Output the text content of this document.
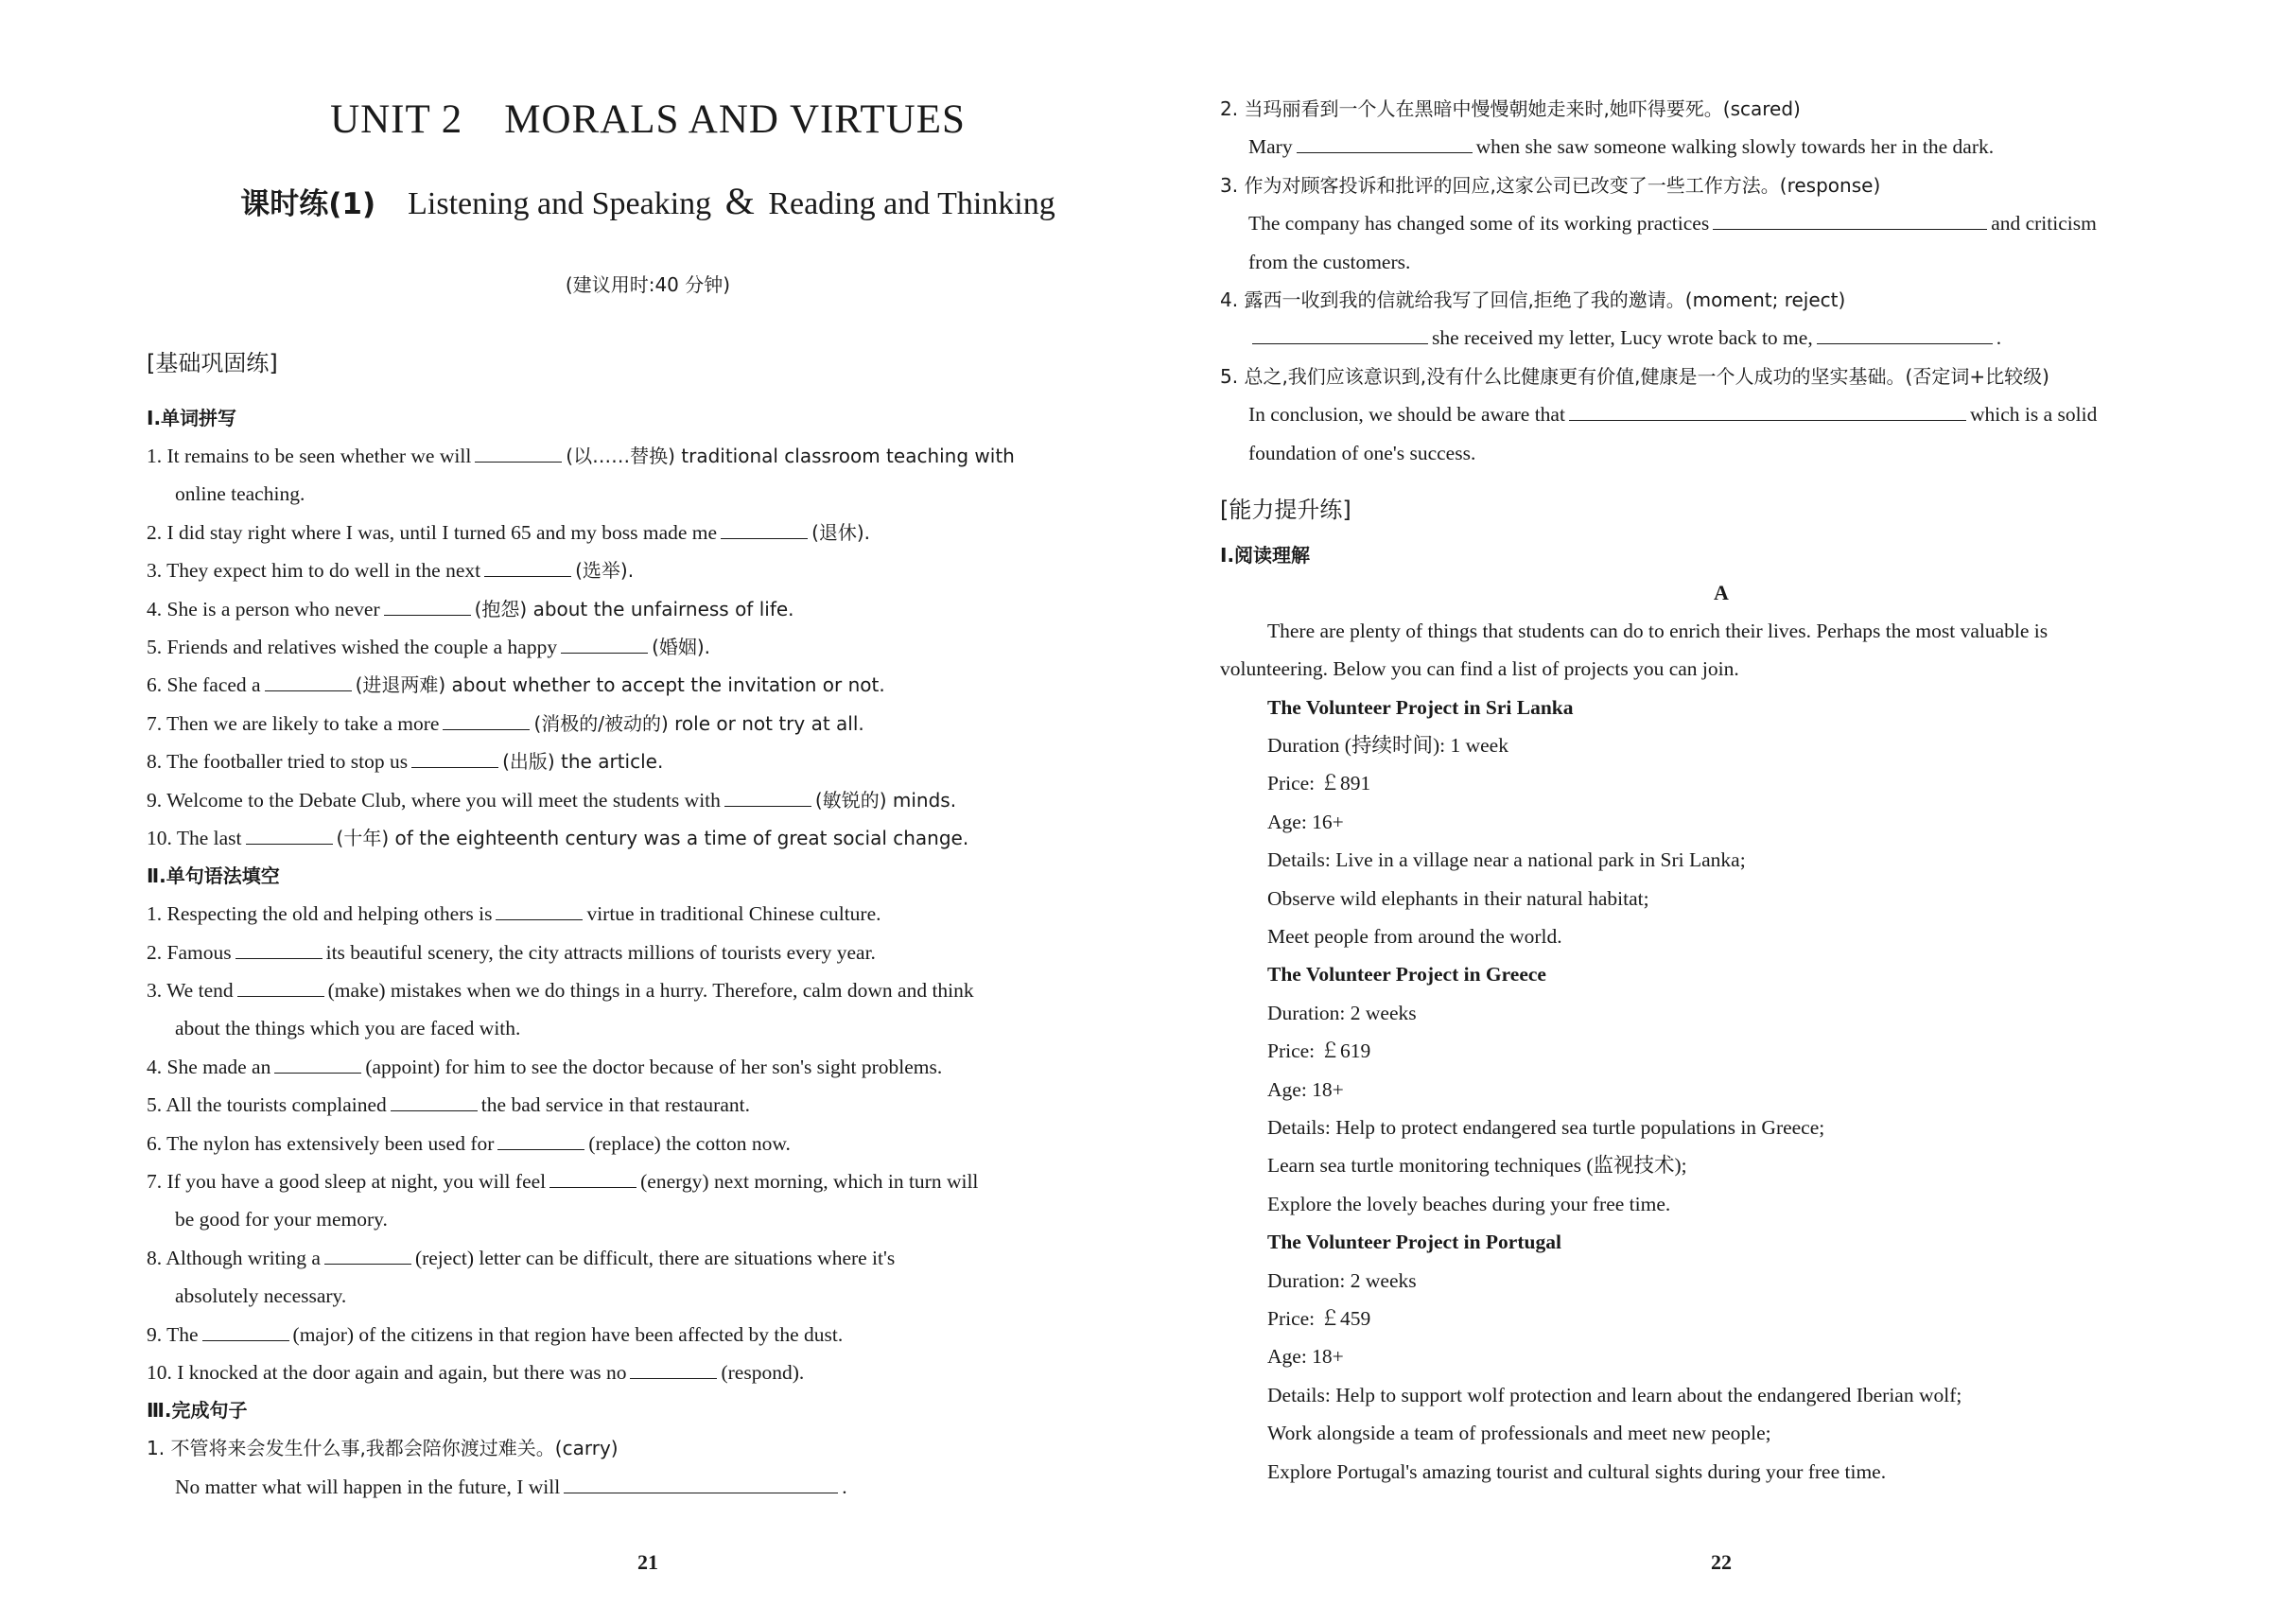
UNIT 2　MORALS AND VIRTUES
课时练(1) Listening and Speaking & Reading and Thinking
(建议用时:40 分钟)
[基础巩固练]
Ⅰ.单词拼写
1. It remains to be seen whether we will	(以……替换) traditional classroom teaching with
online teaching.
2. I did stay right where I was, until I turned 65 and my boss made me	(退休).
3. They expect him to do well in the next	(选举).
4. She is a person who never	(抱怨) about the unfairness of life.
5. Friends and relatives wished the couple a happy	(婚姻).
6. She faced a	(进退两难) about whether to accept the invitation or not.
7. Then we are likely to take a more	(消极的/被动的) role or not try at all.
8. The footballer tried to stop us	(出版) the article.
9. Welcome to the Debate Club, where you will meet the students with	(敏锐的) minds.
10. The last	(十年) of the eighteenth century was a time of great social change.
Ⅱ.单句语法填空
1. Respecting the old and helping others is	virtue in traditional Chinese culture.
2. Famous	its beautiful scenery, the city attracts millions of tourists every year.
3. We tend	(make) mistakes when we do things in a hurry. Therefore, calm down and think
about the things which you are faced with.
4. She made an	(appoint) for him to see the doctor because of her son's sight problems.
5. All the tourists complained	the bad service in that restaurant.
6. The nylon has extensively been used for	(replace) the cotton now.
7. If you have a good sleep at night, you will feel	(energy) next morning, which in turn will
be good for your memory.
8. Although writing a	(reject) letter can be difficult, there are situations where it's
absolutely necessary.
9. The	(major) of the citizens in that region have been affected by the dust.
10. I knocked at the door again and again, but there was no	(respond).
Ⅲ.完成句子
1. 不管将来会发生什么事,我都会陪你渡过难关。(carry)
No matter what will happen in the future, I will	.
21
2. 当玛丽看到一个人在黑暗中慢慢朝她走来时,她吓得要死。(scared)
Mary	when she saw someone walking slowly towards her in the dark.
3. 作为对顾客投诉和批评的回应,这家公司已改变了一些工作方法。(response)
The company has changed some of its working practices	and criticism
from the customers.
4. 露西一收到我的信就给我写了回信,拒绝了我的邀请。(moment; reject)
she received my letter, Lucy wrote back to me,	.
5. 总之,我们应该意识到,没有什么比健康更有价值,健康是一个人成功的坚实基础。(否定词+比较级)
In conclusion, we should be aware that	which is a solid
foundation of one's success.
[能力提升练]
Ⅰ.阅读理解
A
There are plenty of things that students can do to enrich their lives. Perhaps the most valuable is
volunteering. Below you can find a list of projects you can join.
The Volunteer Project in Sri Lanka
Duration (持续时间): 1 week
Price: ￡891
Age: 16+
Details: Live in a village near a national park in Sri Lanka;
Observe wild elephants in their natural habitat;
Meet people from around the world.
The Volunteer Project in Greece
Duration: 2 weeks
Price: ￡619
Age: 18+
Details: Help to protect endangered sea turtle populations in Greece;
Learn sea turtle monitoring techniques (监视技术);
Explore the lovely beaches during your free time.
The Volunteer Project in Portugal
Duration: 2 weeks
Price: ￡459
Age: 18+
Details: Help to support wolf protection and learn about the endangered Iberian wolf;
Work alongside a team of professionals and meet new people;
Explore Portugal's amazing tourist and cultural sights during your free time.
22
